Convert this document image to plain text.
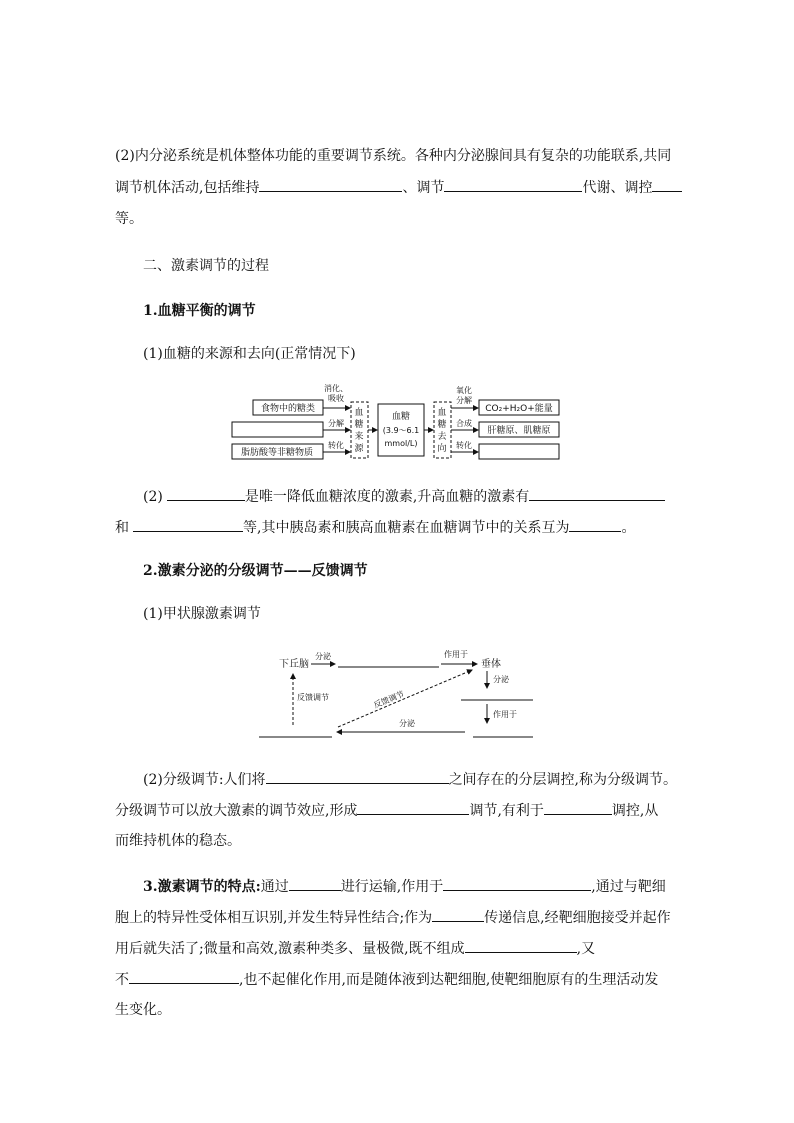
(2)内分泌系统是机体整体功能的重要调节系统。各种内分泌腺间具有复杂的功能联系,共同
调节机体活动,包括维持	、调节	代谢、调控
等。
二、激素调节的过程
1.血糖平衡的调节
(1)血糖的来源和去向(正常情况下)
食物中的糖类
脂肪酸等非糖物质
消化、
吸收
分解
转化
血
糖
来
源
血糖
(3.9～6.1
mmol/L)
血
糖
去
向
氧化
分解
合成
转化
CO₂+H₂O+能量
肝糖原、肌糖原
(2)	是唯一降低血糖浓度的激素,升高血糖的激素有
和	等,其中胰岛素和胰高血糖素在血糖调节中的关系互为	。
2.激素分泌的分级调节——反馈调节
(1)甲状腺激素调节
下丘脑
分泌	作用于
垂体
分泌
作用于
分泌
反馈调节	反馈调节
(2)分级调节:人们将	之间存在的分层调控,称为分级调节。
分级调节可以放大激素的调节效应,形成	调节,有利于	调控,从
而维持机体的稳态。
3.激素调节的特点:通过	进行运输,作用于	,通过与靶细
胞上的特异性受体相互识别,并发生特异性结合;作为	传递信息,经靶细胞接受并起作
用后就失活了;微量和高效,激素种类多、量极微,既不组成	,又
不	,也不起催化作用,而是随体液到达靶细胞,使靶细胞原有的生理活动发
生变化。
